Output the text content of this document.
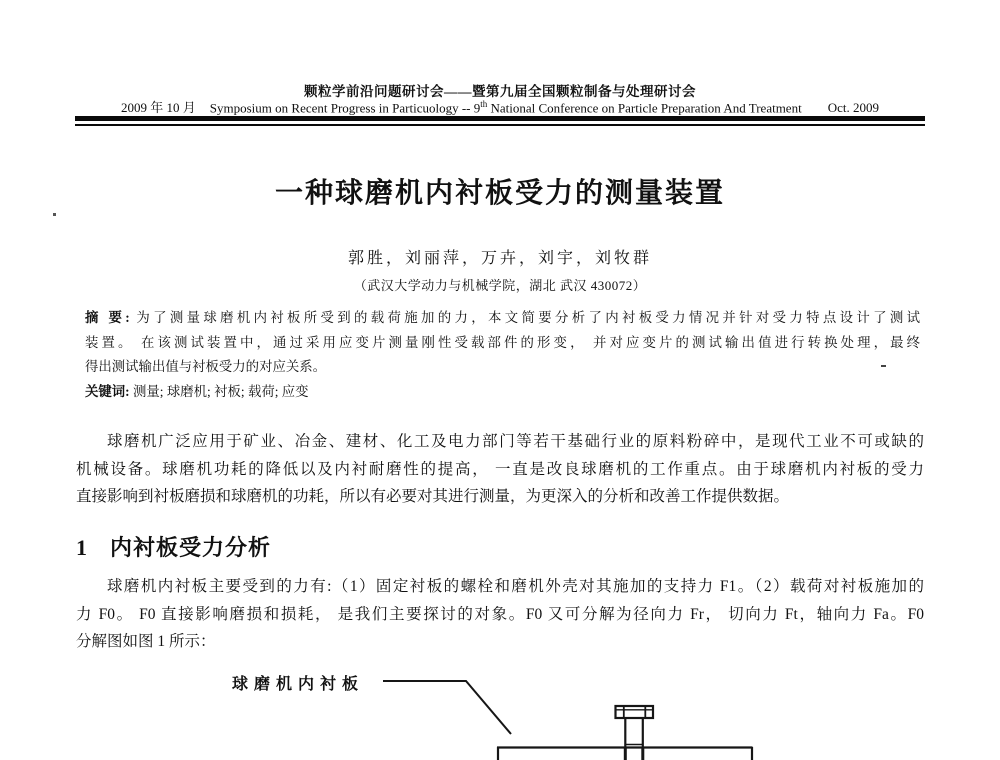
颗粒学前沿问题研讨会——暨第九届全国颗粒制备与处理研讨会
2009 年 10 月 Symposium on Recent Progress in Particuology -- 9th National Conference on Particle Preparation And Treatment Oct. 2009
一种球磨机内衬板受力的测量装置
郭胜，刘丽萍，万卉，刘宇，刘牧群
（武汉大学动力与机械学院，湖北 武汉 430072）
摘 要: 为了测量球磨机内衬板所受到的载荷施加的力，本文简要分析了内衬板受力情况并针对受力特点设计了测试
装置。 在该测试装置中，通过采用应变片测量刚性受载部件的形变， 并对应变片的测试输出值进行转换处理，最终
得出测试输出值与衬板受力的对应关系。
关键词: 测量; 球磨机; 衬板; 载荷; 应变
球磨机广泛应用于矿业、冶金、建材、化工及电力部门等若干基础行业的原料粉碎中，是现代工业不可或缺的
机械设备。球磨机功耗的降低以及内衬耐磨性的提高， 一直是改良球磨机的工作重点。由于球磨机内衬板的受力
直接影响到衬板磨损和球磨机的功耗，所以有必要对其进行测量，为更深入的分析和改善工作提供数据。
1 内衬板受力分析
球磨机内衬板主要受到的力有:（1）固定衬板的螺栓和磨机外壳对其施加的支持力 F1。（2）载荷对衬板施加的
力 F0。 F0 直接影响磨损和损耗， 是我们主要探讨的对象。F0 又可分解为径向力 Fr， 切向力 Ft，轴向力 Fa。F0
分解图如图 1 所示：
球磨机内衬板
